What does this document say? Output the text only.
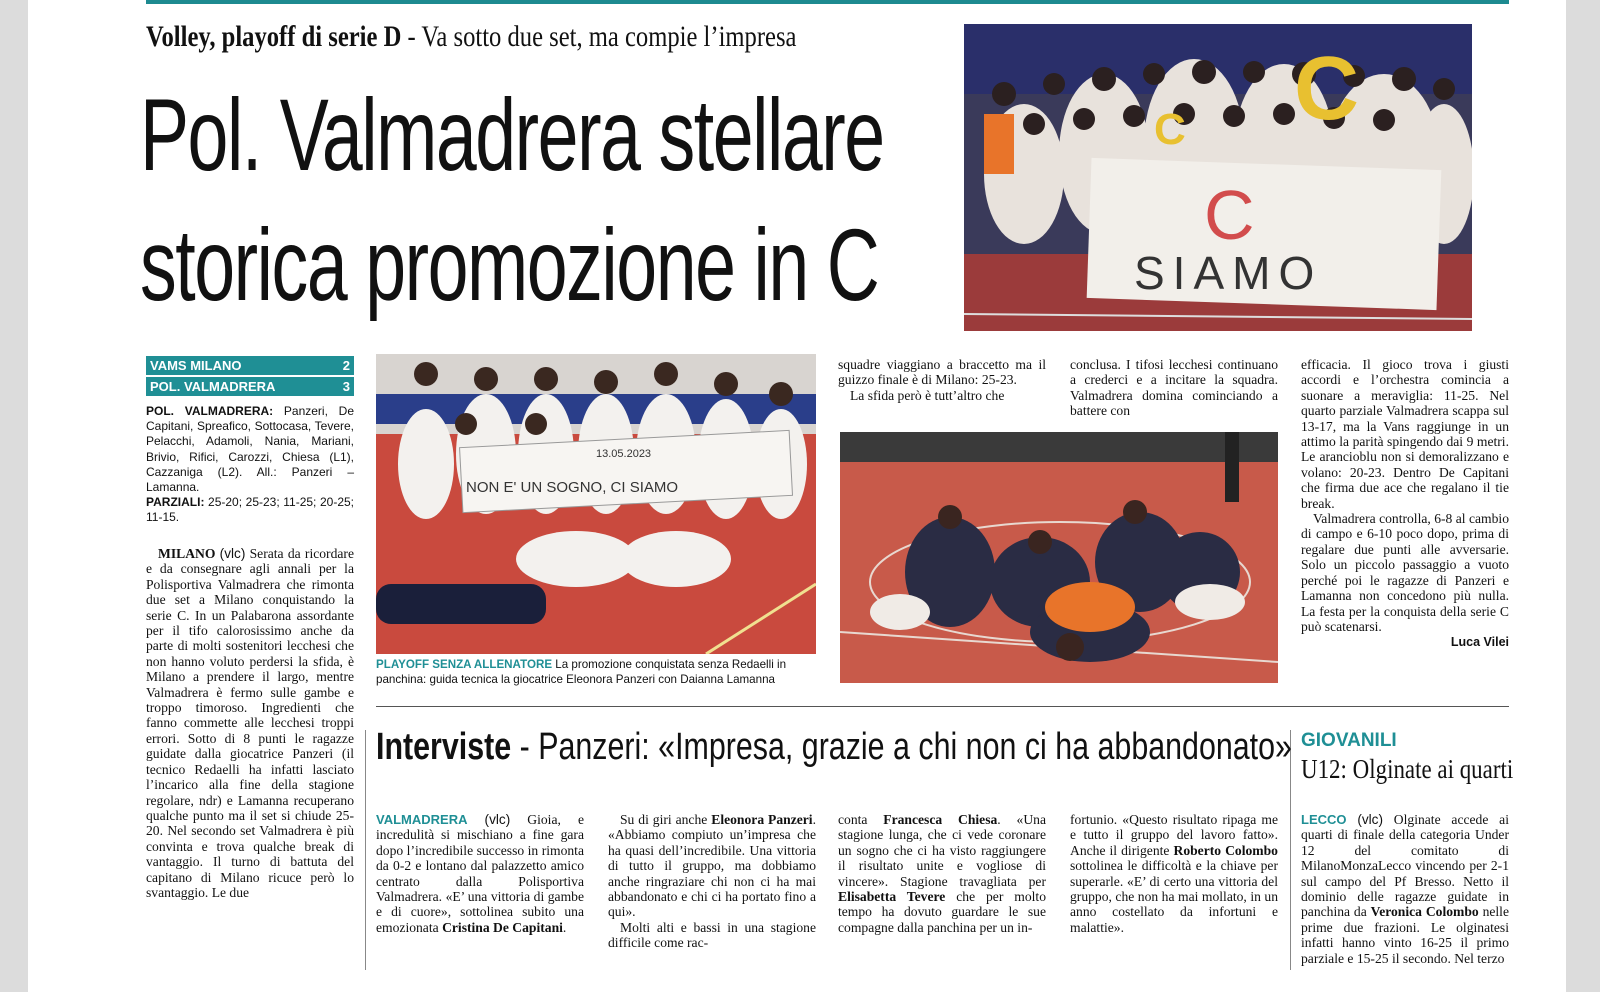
Volley, playoff di serie D - Va sotto due set, ma compie l’impresa
Pol. Valmadrera stellare
storica promozione in C	C
SIAMO
C
C
VAMS MILANO	2
POL. VALMADRERA	3

POL. VALMADRERA: Panzeri, De Capitani, Spreafico, Sottocasa, Tevere, Pelacchi, Adamoli, Nania, Mariani, Brivio, Rifici, Carozzi, Chiesa (L1), Cazzaniga (L2). All.: Panzeri – Lamanna.

PARZIALI: 25-20; 25-23; 11-25; 20-25; 11-15.

MILANO (vlc) Serata da ricordare e da consegnare agli annali per la Polisportiva Valmadrera che rimonta due set a Milano conquistando la serie C. In un Palabarona assordante per il tifo calorosissimo anche da parte di molti sostenitori lecchesi che non hanno voluto perdersi la sfida, è Milano a prendere il largo, mentre Valmadrera è fermo sulle gambe e troppo timoroso. Ingredienti che fanno commette alle lecchesi troppi errori. Sotto di 8 punti le ragazze guidate dalla giocatrice Panzeri (il tecnico Redaelli ha infatti lasciato l’incarico alla fine della stagione regolare, ndr) e Lamanna recuperano qualche punto ma il set si chiude 25-20. Nel secondo set Valmadrera è più convinta e trova qualche break di vantaggio. Il turno di battuta del capitano di Milano ricuce però lo svantaggio. Le due

13.05.2023
NON E' UN SOGNO, CI SIAMO
PLAYOFF SENZA ALLENATORE La promozione conquistata senza Redaelli in panchina: guida tecnica la giocatrice Eleonora Panzeri con Daianna Lamanna

squadre viaggiano a braccetto ma il guizzo finale è di Milano: 25-23.

La sfida però è tutt’altro che

conclusa. I tifosi lecchesi continuano a crederci e a incitare la squadra. Valmadrera domina cominciando a battere con

efficacia. Il gioco trova i giusti accordi e l’orchestra comincia a suonare a meraviglia: 11-25. Nel quarto parziale Valmadrera scappa sul 13-17, ma la Vans raggiunge in un attimo la parità spingendo dai 9 metri. Le arancioblu non si demoralizzano e volano: 20-23. Dentro De Capitani che firma due ace che regalano il tie break.

Valmadrera controlla, 6-8 al cambio di campo e 6-10 poco dopo, prima di regalare due punti alle avversarie. Solo un piccolo passaggio a vuoto perché poi le ragazze di Panzeri e Lamanna non concedono più nulla. La festa per la conquista della serie C può scatenarsi.

Luca Vilei
Interviste - Panzeri: «Impresa, grazie a chi non ci ha abbandonato»

VALMADRERA (vlc) Gioia, e incredulità si mischiano a fine gara dopo l’incredibile successo in rimonta da 0-2 e lontano dal palazzetto amico centrato dalla Polisportiva Valmadrera. «E’ una vittoria di gambe e di cuore», sottolinea subito una emozionata Cristina De Capitani.

Su di giri anche Eleonora Panzeri. «Abbiamo compiuto un’impresa che ha quasi dell’incredibile. Una vittoria di tutto il gruppo, ma dobbiamo anche ringraziare chi non ci ha mai abbandonato e chi ci ha portato fino a qui».

Molti alti e bassi in una stagione difficile come rac-

conta Francesca Chiesa. «Una stagione lunga, che ci vede coronare un sogno che ci ha visto raggiungere il risultato unite e vogliose di vincere». Stagione travagliata per Elisabetta Tevere che per molto tempo ha dovuto guardare le sue compagne dalla panchina per un in-

fortunio. «Questo risultato ripaga me e tutto il gruppo del lavoro fatto». Anche il dirigente Roberto Colombo sottolinea le difficoltà e la chiave per superarle. «E’ di certo una vittoria del gruppo, che non ha mai mollato, in un anno costellato da infortuni e malattie».

GIOVANILI
U12: Olginate ai quarti

LECCO (vlc) Olginate accede ai quarti di finale della categoria Under 12 del comitato di MilanoMonzaLecco vincendo per 2-1 sul campo del Pf Bresso. Netto il dominio delle ragazze guidate in panchina da Veronica Colombo nelle prime due frazioni. Le olginatesi infatti hanno vinto 16-25 il primo parziale e 15-25 il secondo. Nel terzo
